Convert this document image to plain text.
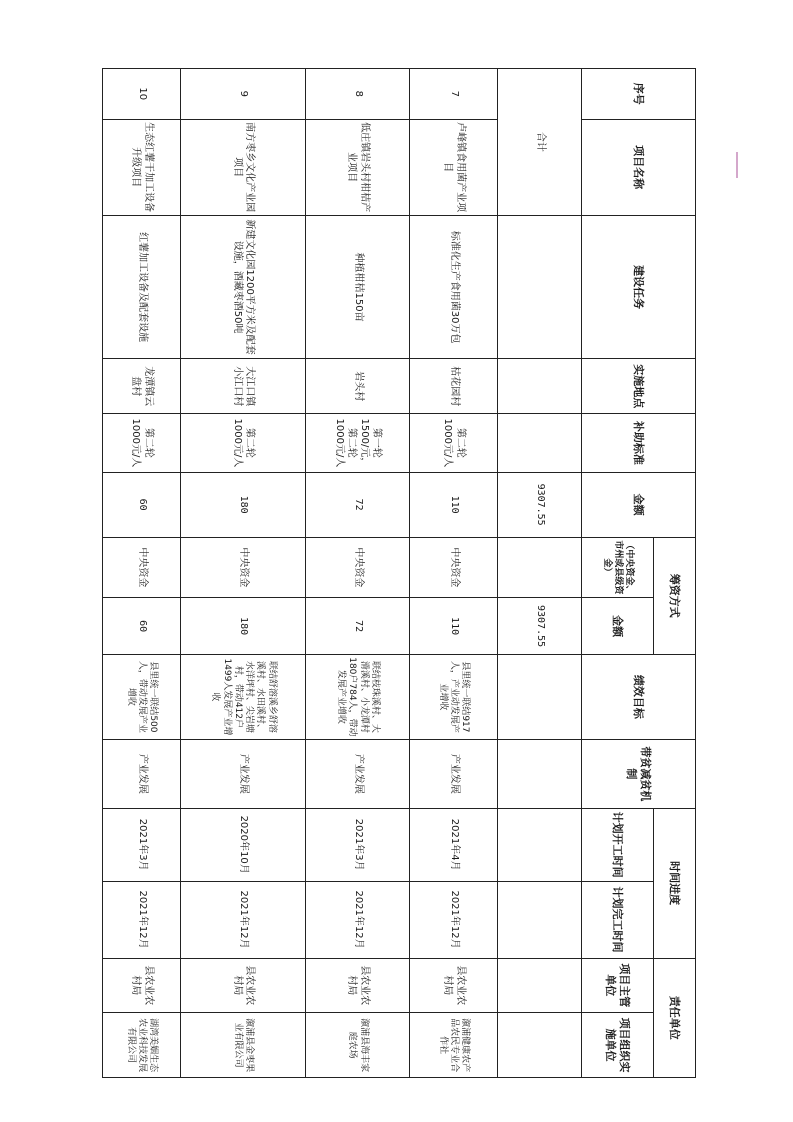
序号	项目名称	建设任务	实施地点	补助标准	金额	筹资方式		绩效目标	带贫减贫机制	时间进度		责任单位	
						（中央资金、市州或县级资金）	金额			计划开工时间	计划完工时间	项目主管单位	项目组织实施单位
合计					9307.55		9307.55						
7	卢峰镇食用菌产业项目	标准化生产食用菌30万包	枯花园村	第二轮1000元/人	110	中央资金	110	县里统一联结917人，产业动发展产业增收	产业发展	2021年4月	2021年12月	县农业农村局	溆浦健康农产品农民专业合作社
8	低庄镇岩头村柑桔产业项目	种植柑桔150亩	岩头村	第一轮1500/元，第二轮1000元/人	72	中央资金	72	联结枝珠溪村、大滑溪村、小龙潭村180户784人，带动发展产业增收	产业发展	2021年3月	2021年12月	县农业农村局	溆浦县海丰家庭农场
9	南方枣乡文化产业园项目	新建文化园1200平方米及配套设施，酒藏枣酒50吨	大江口镇小江口村	第二轮1000元/人	180	中央资金	180	联结舒溶溪乡舒溶溪村、水田溪村、水洋坪村、尖岩塘村，带动412户1499人发展产业增收	产业发展	2020年10月	2021年12月	县农业农村局	溆浦县金枣果业有限公司
10	生态红薯干加工设备升级项目	红薯加工设备及配套设施	龙潭镇云盘村	第二轮1000元/人	60	中央资金	60	县里统一联结500人，带动发展产业增收	产业发展	2021年3月	2021年12月	县农业农村局	湖湾美姻生态农业科技发展有限公司
